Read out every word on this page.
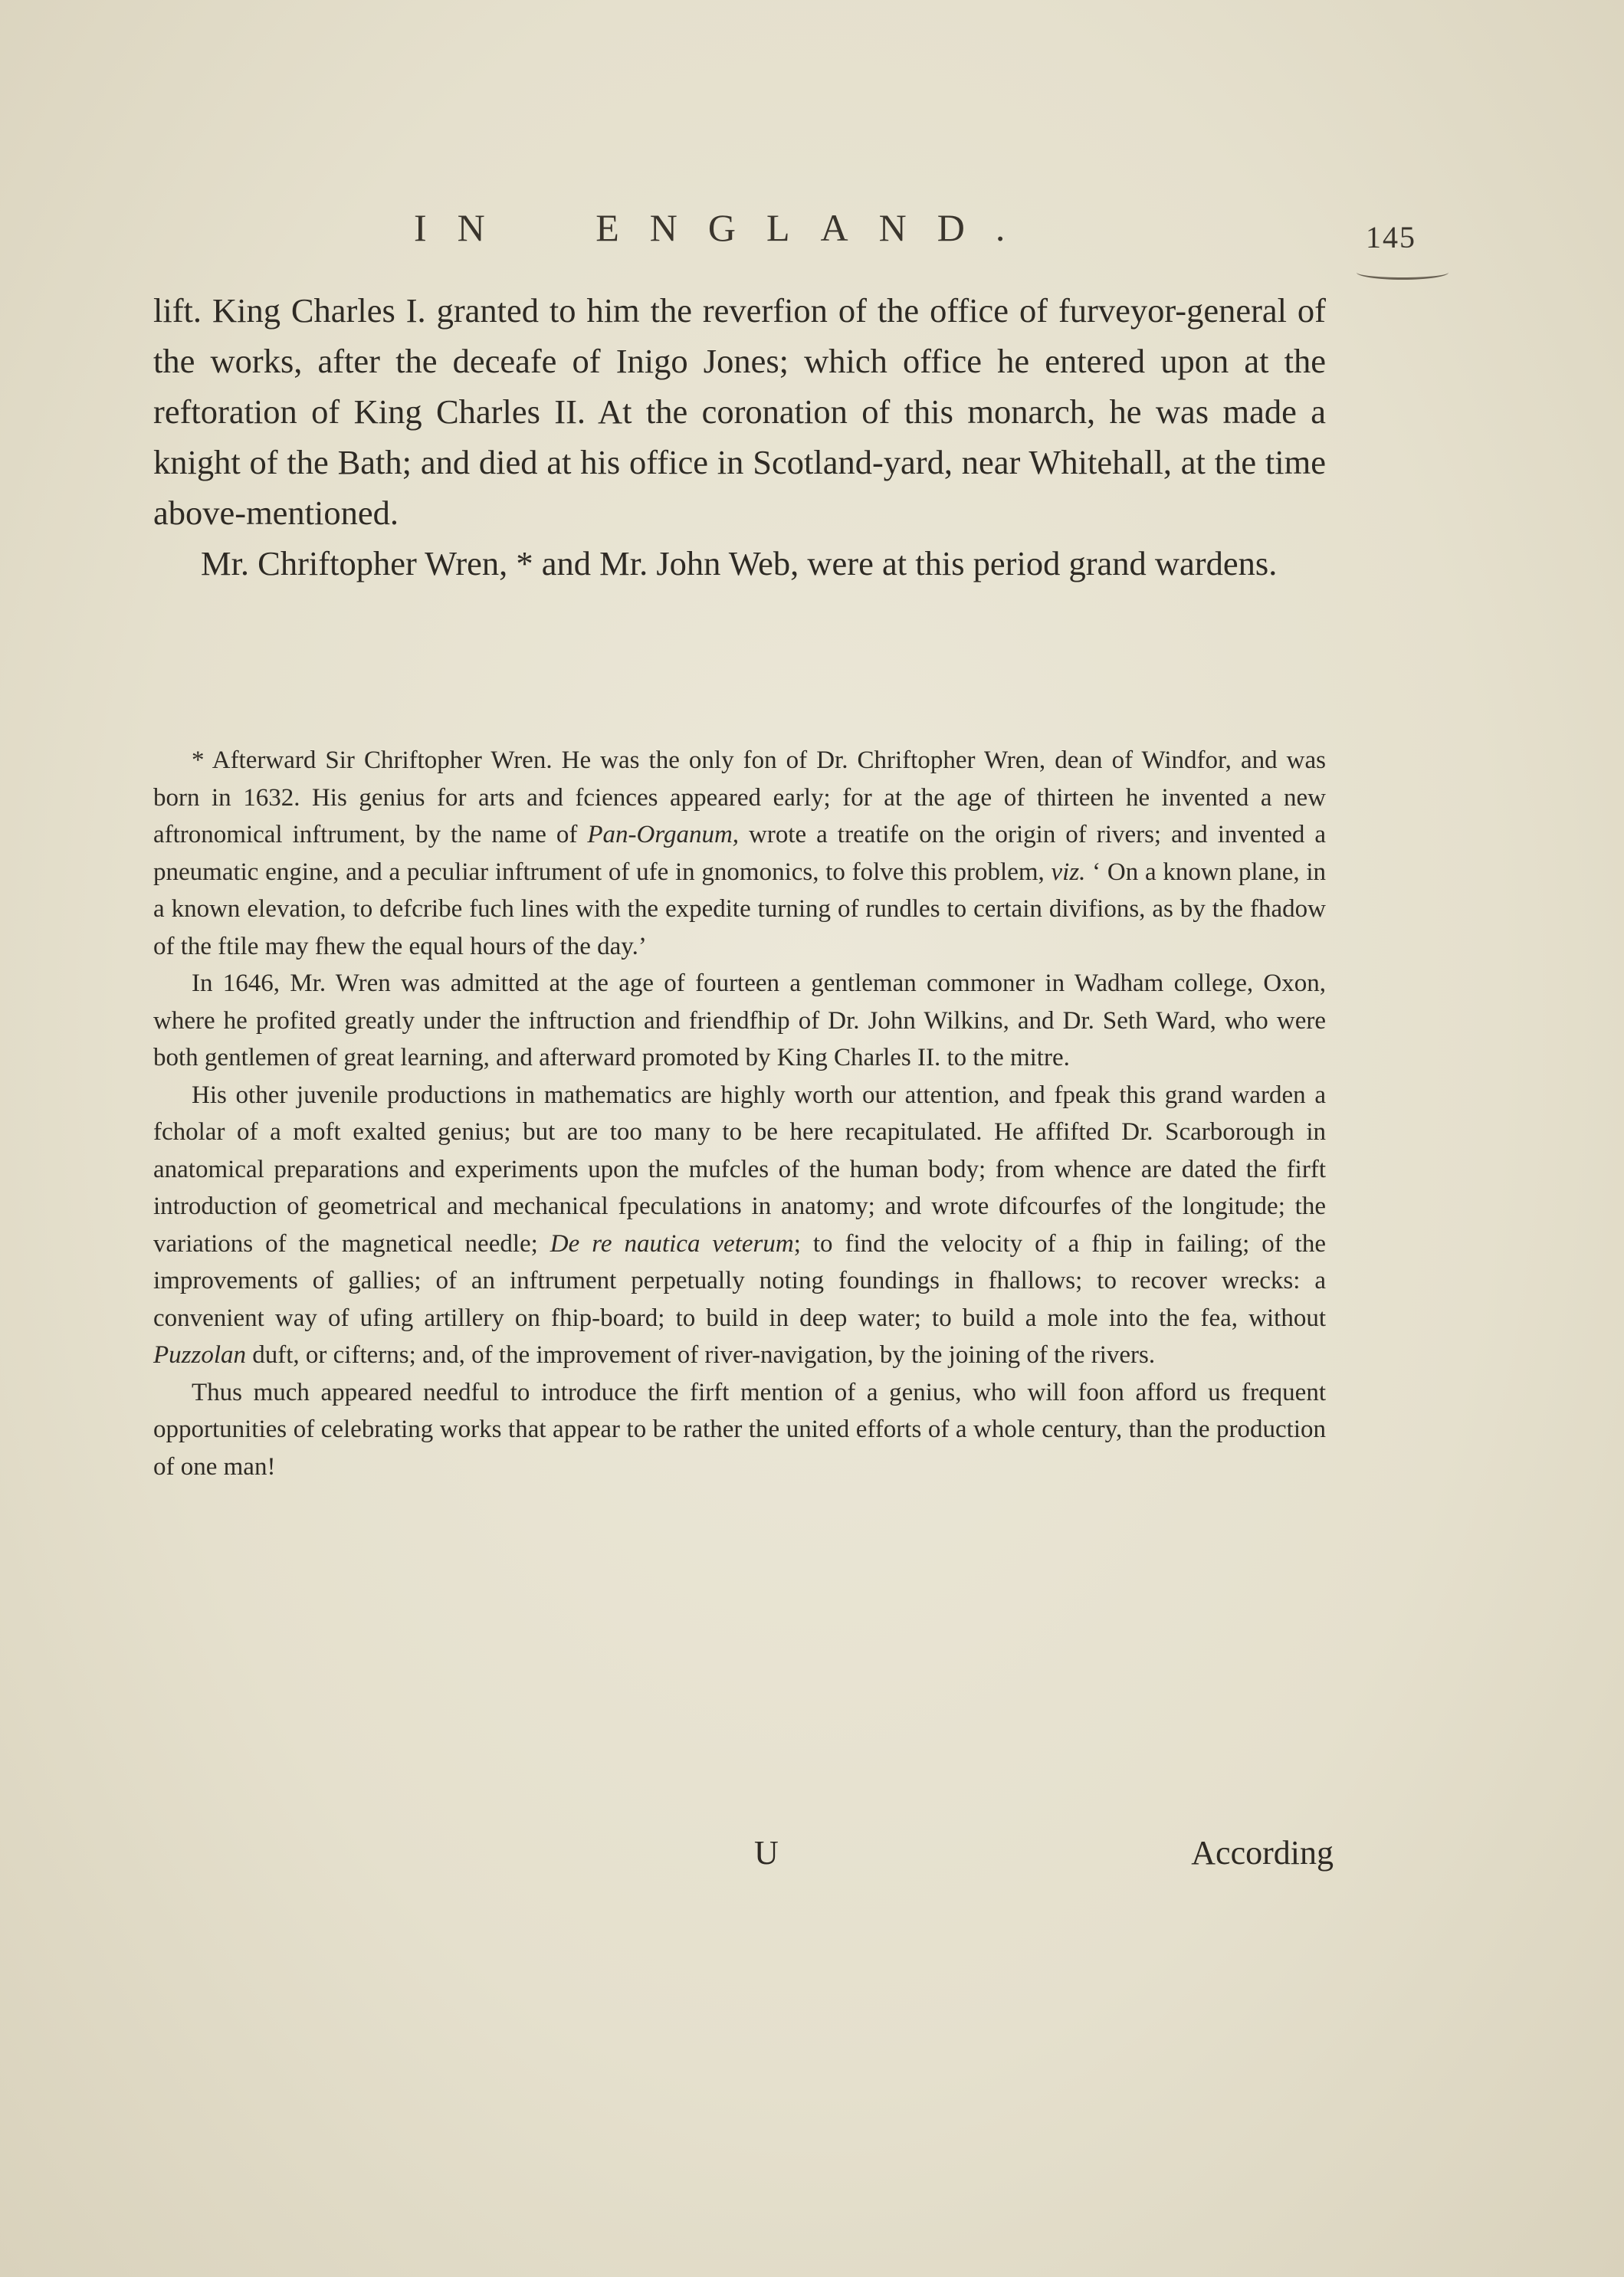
IN ENGLAND.	145

lift. King Charles I. granted to him the reverfion of the office of furveyor-general of the works, after the deceafe of Inigo Jones; which office he entered upon at the reftoration of King Charles II. At the coronation of this monarch, he was made a knight of the Bath; and died at his office in Scotland-yard, near Whitehall, at the time above-mentioned.

Mr. Chriftopher Wren, * and Mr. John Web, were at this period grand wardens.

* Afterward Sir Chriftopher Wren. He was the only fon of Dr. Chriftopher Wren, dean of Windfor, and was born in 1632. His genius for arts and fciences appeared early; for at the age of thirteen he invented a new aftronomical inftrument, by the name of Pan-Organum, wrote a treatife on the origin of rivers; and invented a pneumatic engine, and a peculiar inftrument of ufe in gnomonics, to folve this problem, viz. ‘ On a known plane, in a known elevation, to defcribe fuch lines with the expedite turning of rundles to certain divifions, as by the fhadow of the ftile may fhew the equal hours of the day.’

In 1646, Mr. Wren was admitted at the age of fourteen a gentleman commoner in Wadham college, Oxon, where he profited greatly under the inftruction and friendfhip of Dr. John Wilkins, and Dr. Seth Ward, who were both gentlemen of great learning, and afterward promoted by King Charles II. to the mitre.

His other juvenile productions in mathematics are highly worth our attention, and fpeak this grand warden a fcholar of a moft exalted genius; but are too many to be here recapitulated. He affifted Dr. Scarborough in anatomical preparations and experiments upon the mufcles of the human body; from whence are dated the firft introduction of geometrical and mechanical fpeculations in anatomy; and wrote difcourfes of the longitude; the variations of the magnetical needle; De re nautica veterum; to find the velocity of a fhip in failing; of the improvements of gallies; of an inftrument perpetually noting foundings in fhallows; to recover wrecks: a convenient way of ufing artillery on fhip-board; to build in deep water; to build a mole into the fea, without Puzzolan duft, or cifterns; and, of the improvement of river-navigation, by the joining of the rivers.

Thus much appeared needful to introduce the firft mention of a genius, who will foon afford us frequent opportunities of celebrating works that appear to be rather the united efforts of a whole century, than the production of one man!

U	According
